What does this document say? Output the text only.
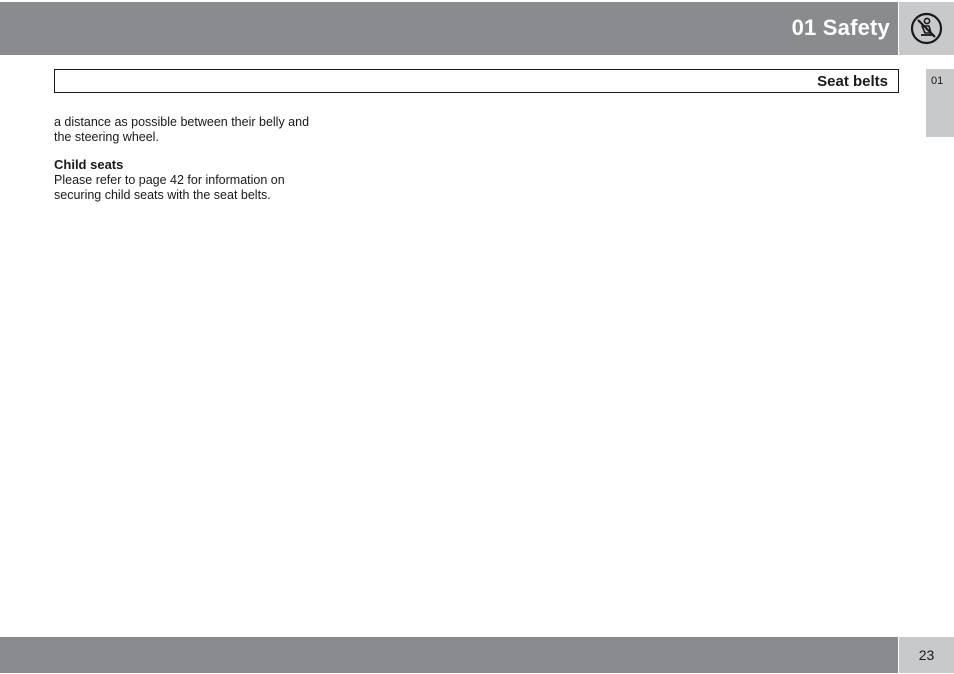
01 Safety
Seat belts	01

a distance as possible between their belly and
the steering wheel.

Child seats

Please refer to page 42 for information on
securing child seats with the seat belts.

23
